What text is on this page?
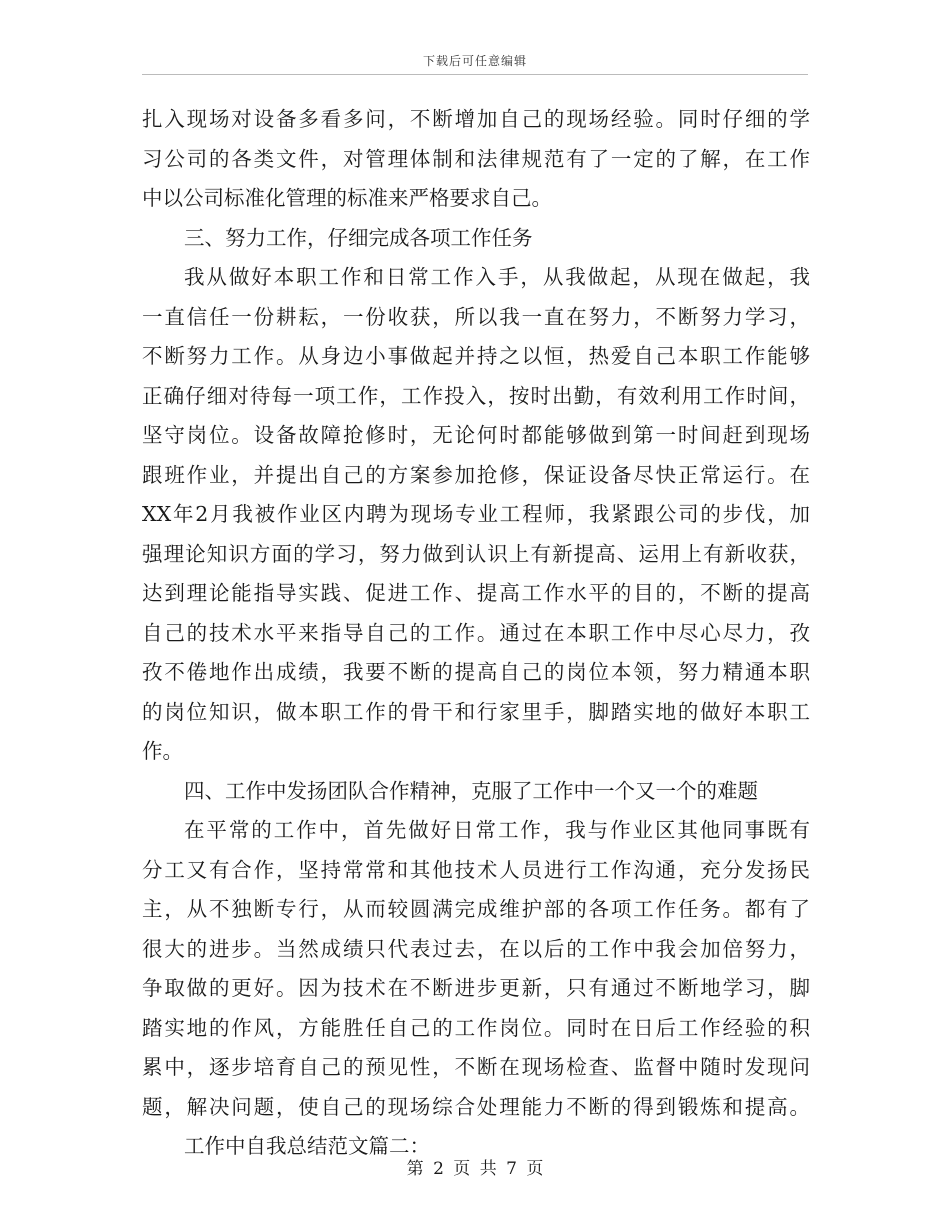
下载后可任意编辑
扎入现场对设备多看多问，不断增加自己的现场经验。同时仔细的学
习公司的各类文件，对管理体制和法律规范有了一定的了解，在工作
中以公司标准化管理的标准来严格要求自己。
三、努力工作，仔细完成各项工作任务
我从做好本职工作和日常工作入手，从我做起，从现在做起，我
一直信任一份耕耘，一份收获，所以我一直在努力，不断努力学习，
不断努力工作。从身边小事做起并持之以恒，热爱自己本职工作能够
正确仔细对待每一项工作，工作投入，按时出勤，有效利用工作时间，
坚守岗位。设备故障抢修时，无论何时都能够做到第一时间赶到现场
跟班作业，并提出自己的方案参加抢修，保证设备尽快正常运行。在
XX年2月我被作业区内聘为现场专业工程师，我紧跟公司的步伐，加
强理论知识方面的学习，努力做到认识上有新提高、运用上有新收获，
达到理论能指导实践、促进工作、提高工作水平的目的，不断的提高
自己的技术水平来指导自己的工作。通过在本职工作中尽心尽力，孜
孜不倦地作出成绩，我要不断的提高自己的岗位本领，努力精通本职
的岗位知识，做本职工作的骨干和行家里手，脚踏实地的做好本职工
作。
四、工作中发扬团队合作精神，克服了工作中一个又一个的难题
在平常的工作中，首先做好日常工作，我与作业区其他同事既有
分工又有合作，坚持常常和其他技术人员进行工作沟通，充分发扬民
主，从不独断专行，从而较圆满完成维护部的各项工作任务。都有了
很大的进步。当然成绩只代表过去，在以后的工作中我会加倍努力，
争取做的更好。因为技术在不断进步更新，只有通过不断地学习，脚
踏实地的作风，方能胜任自己的工作岗位。同时在日后工作经验的积
累中，逐步培育自己的预见性，不断在现场检查、监督中随时发现问
题，解决问题，使自己的现场综合处理能力不断的得到锻炼和提高。
工作中自我总结范文篇二：
第 2 页 共 7 页
